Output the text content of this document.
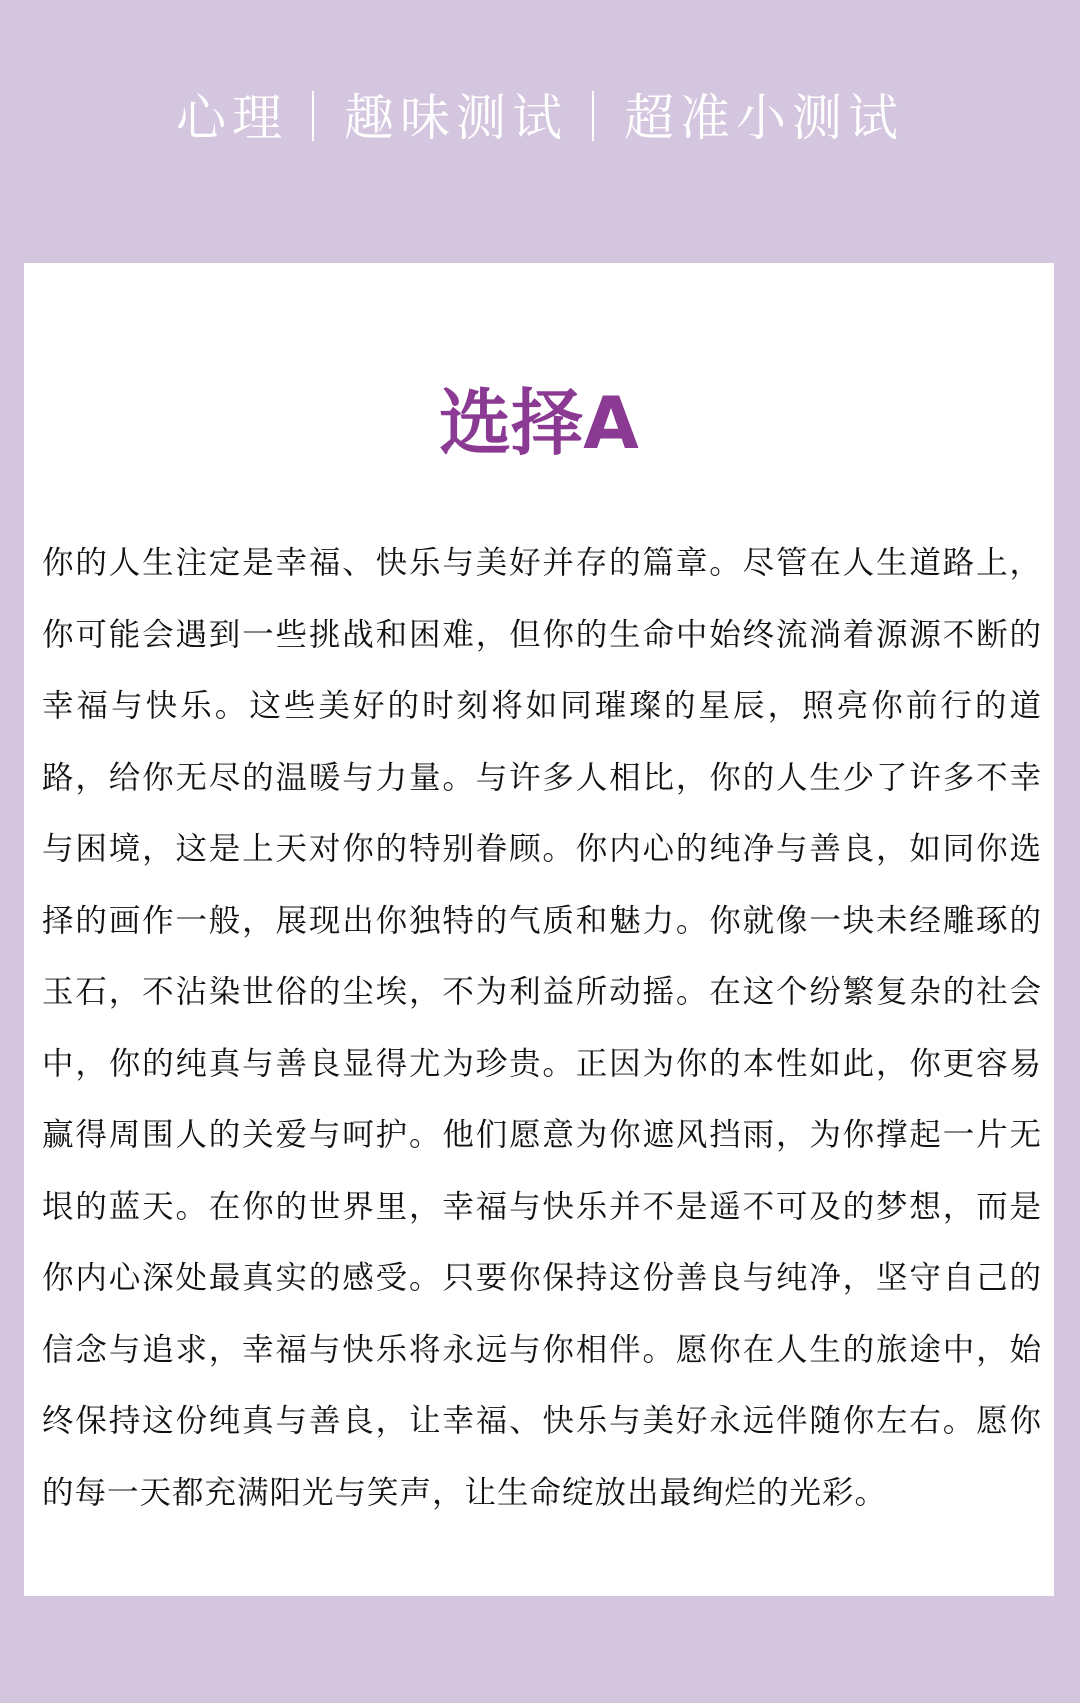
心理｜趣味测试｜超准小测试
选择A

你的人生注定是幸福、快乐与美好并存的篇章。尽管在人生道路上，你可能会遇到一些挑战和困难，但你的生命中始终流淌着源源不断的幸福与快乐。这些美好的时刻将如同璀璨的星辰，照亮你前行的道路，给你无尽的温暖与力量。与许多人相比，你的人生少了许多不幸与困境，这是上天对你的特别眷顾。你内心的纯净与善良，如同你选择的画作一般，展现出你独特的气质和魅力。你就像一块未经雕琢的玉石，不沾染世俗的尘埃，不为利益所动摇。在这个纷繁复杂的社会中，你的纯真与善良显得尤为珍贵。正因为你的本性如此，你更容易赢得周围人的关爱与呵护。他们愿意为你遮风挡雨，为你撑起一片无垠的蓝天。在你的世界里，幸福与快乐并不是遥不可及的梦想，而是你内心深处最真实的感受。只要你保持这份善良与纯净，坚守自己的信念与追求，幸福与快乐将永远与你相伴。愿你在人生的旅途中，始终保持这份纯真与善良，让幸福、快乐与美好永远伴随你左右。愿你的每一天都充满阳光与笑声，让生命绽放出最绚烂的光彩。
